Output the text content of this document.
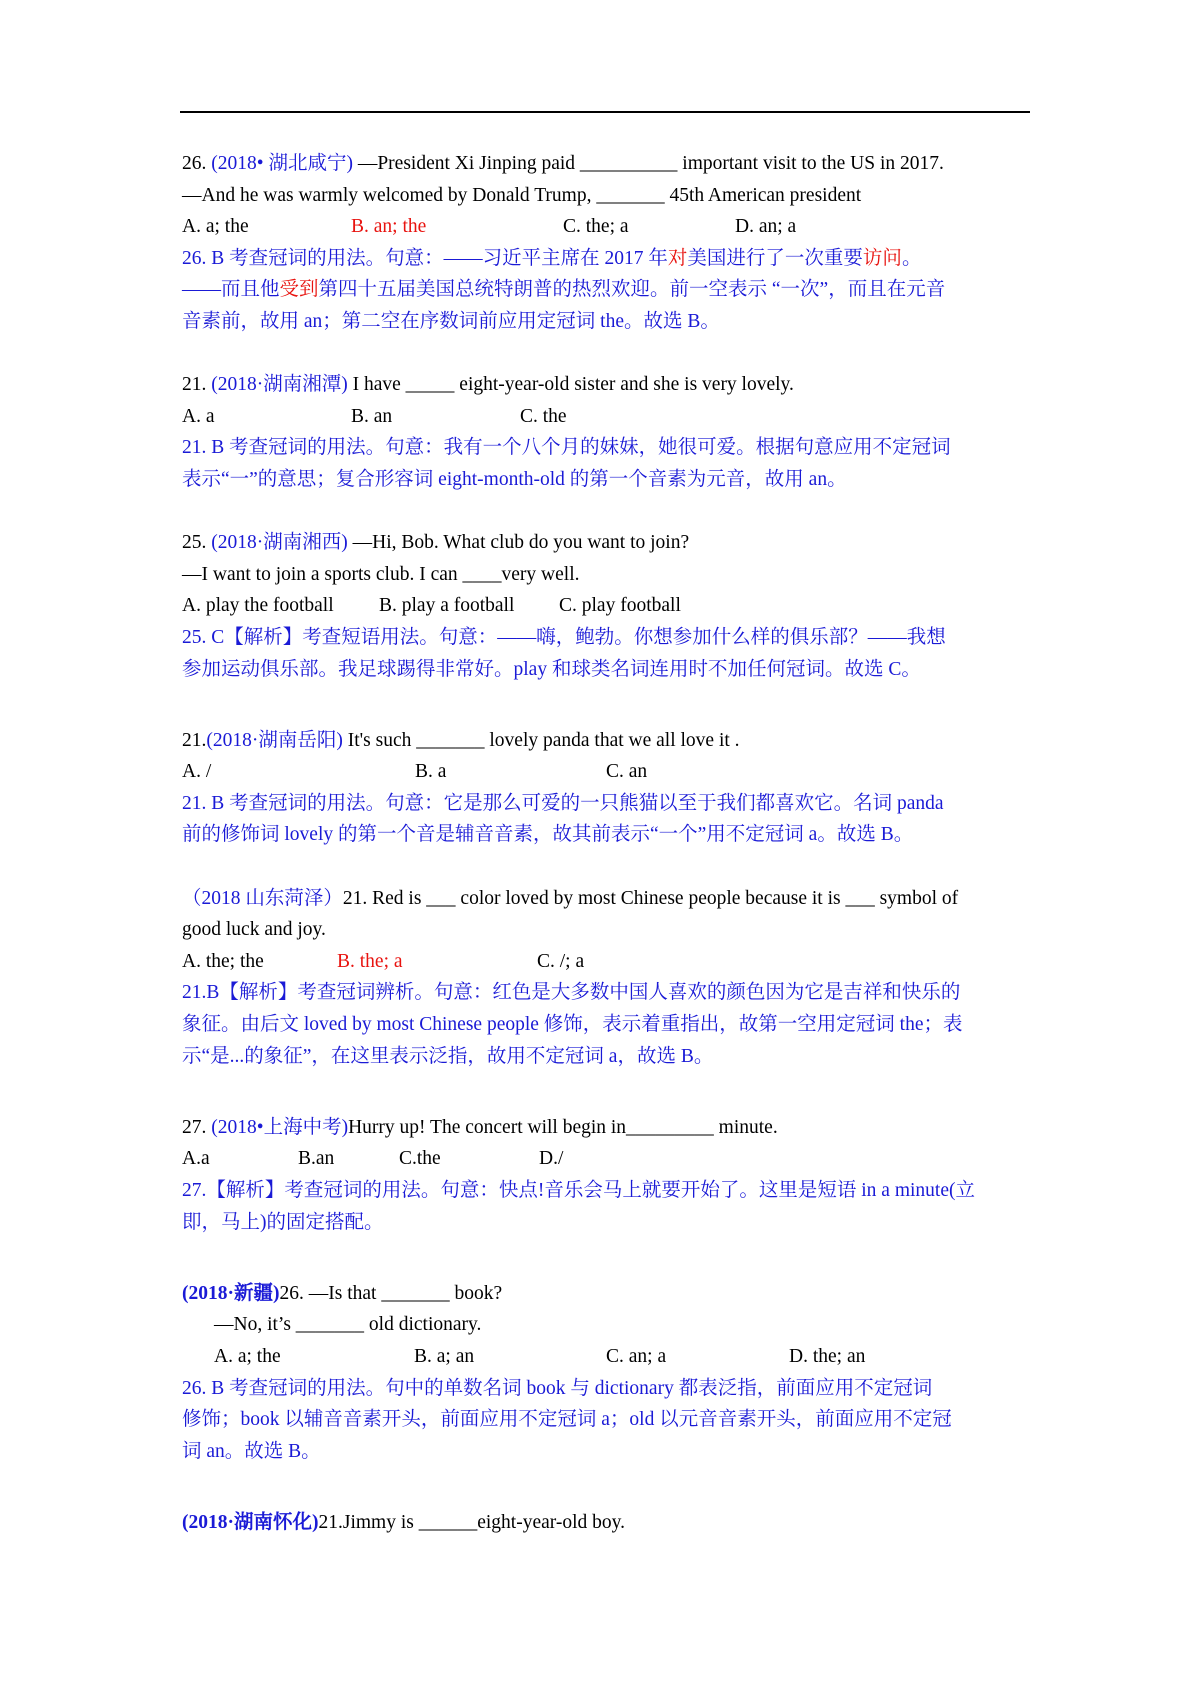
26. (2018• 湖北咸宁) —President Xi Jinping paid __________ important visit to the US in 2017.
—And he was warmly welcomed by Donald Trump, _______ 45th American president
A. a; the	B. an; the	C. the; a	D. an; a
26. B 考查冠词的用法。句意：——习近平主席在 2017 年对美国进行了一次重要访问。
——而且他受到第四十五届美国总统特朗普的热烈欢迎。前一空表示 “一次”，而且在元音
音素前，故用 an；第二空在序数词前应用定冠词 the。故选 B。
21. (2018·湖南湘潭) I have _____ eight-year-old sister and she is very lovely.
A. a	B. an	C. the
21. B 考查冠词的用法。句意：我有一个八个月的妹妹，她很可爱。根据句意应用不定冠词
表示“一”的意思；复合形容词 eight-month-old 的第一个音素为元音，故用 an。
25. (2018·湖南湘西) —Hi, Bob. What club do you want to join?
—I want to join a sports club. I can ____very well.
A. play the football B. play a football C. play football
25. C【解析】考查短语用法。句意：——嗨，鲍勃。你想参加什么样的俱乐部？——我想
参加运动俱乐部。我足球踢得非常好。play 和球类名词连用时不加任何冠词。故选 C。
21.(2018·湖南岳阳) It's such _______ lovely panda that we all love it .
A. /	B. a	C. an
21. B 考查冠词的用法。句意：它是那么可爱的一只熊猫以至于我们都喜欢它。名词 panda
前的修饰词 lovely 的第一个音是辅音音素，故其前表示“一个”用不定冠词 a。故选 B。
（2018 山东菏泽）21. Red is ___ color loved by most Chinese people because it is ___ symbol of
good luck and joy.
A. the; the	B. the; a	C. /; a
21.B【解析】考查冠词辨析。句意：红色是大多数中国人喜欢的颜色因为它是吉祥和快乐的
象征。由后文 loved by most Chinese people 修饰，表示着重指出，故第一空用定冠词 the；表
示“是...的象征”，在这里表示泛指，故用不定冠词 a，故选 B。
27. (2018•上海中考)Hurry up! The concert will begin in_________ minute.
A.a	B.an	C.the	D./
27.【解析】考查冠词的用法。句意：快点!音乐会马上就要开始了。这里是短语 in a minute(立
即，马上)的固定搭配。
(2018·新疆)26. —Is that _______ book?
—No, it’s _______ old dictionary.
A. a; the	B. a; an	C. an; a	D. the; an
26. B 考查冠词的用法。句中的单数名词 book 与 dictionary 都表泛指，前面应用不定冠词
修饰；book 以辅音音素开头，前面应用不定冠词 a；old 以元音音素开头，前面应用不定冠
词 an。故选 B。
(2018·湖南怀化)21.Jimmy is ______eight-year-old boy.
